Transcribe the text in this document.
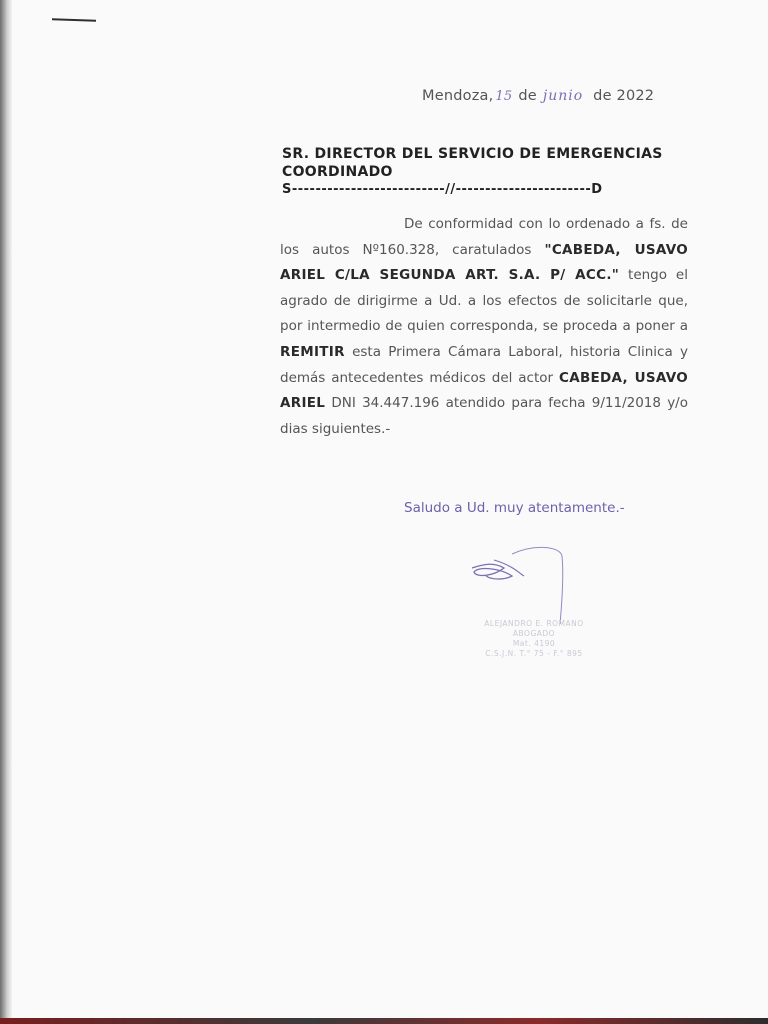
Mendoza, 15 de junio de 2022
SR. DIRECTOR DEL SERVICIO DE EMERGENCIAS
COORDINADO
S--------------------------//-----------------------D

De conformidad con lo ordenado a fs. de los autos Nº160.328, caratulados "CABEDA, USAVO ARIEL C/LA SEGUNDA ART. S.A. P/ ACC." tengo el agrado de dirigirme a Ud. a los efectos de solicitarle que, por intermedio de quien corresponda, se proceda a poner a REMITIR esta Primera Cámara Laboral, historia Clinica y demás antecedentes médicos del actor CABEDA, USAVO ARIEL DNI 34.447.196 atendido para fecha 9/11/2018 y/o dias siguientes.-

Saludo a Ud. muy atentamente.-
ALEJANDRO E. ROMANO
ABOGADO
Mat. 4190
C.S.J.N. T.° 75 - F.° 895
